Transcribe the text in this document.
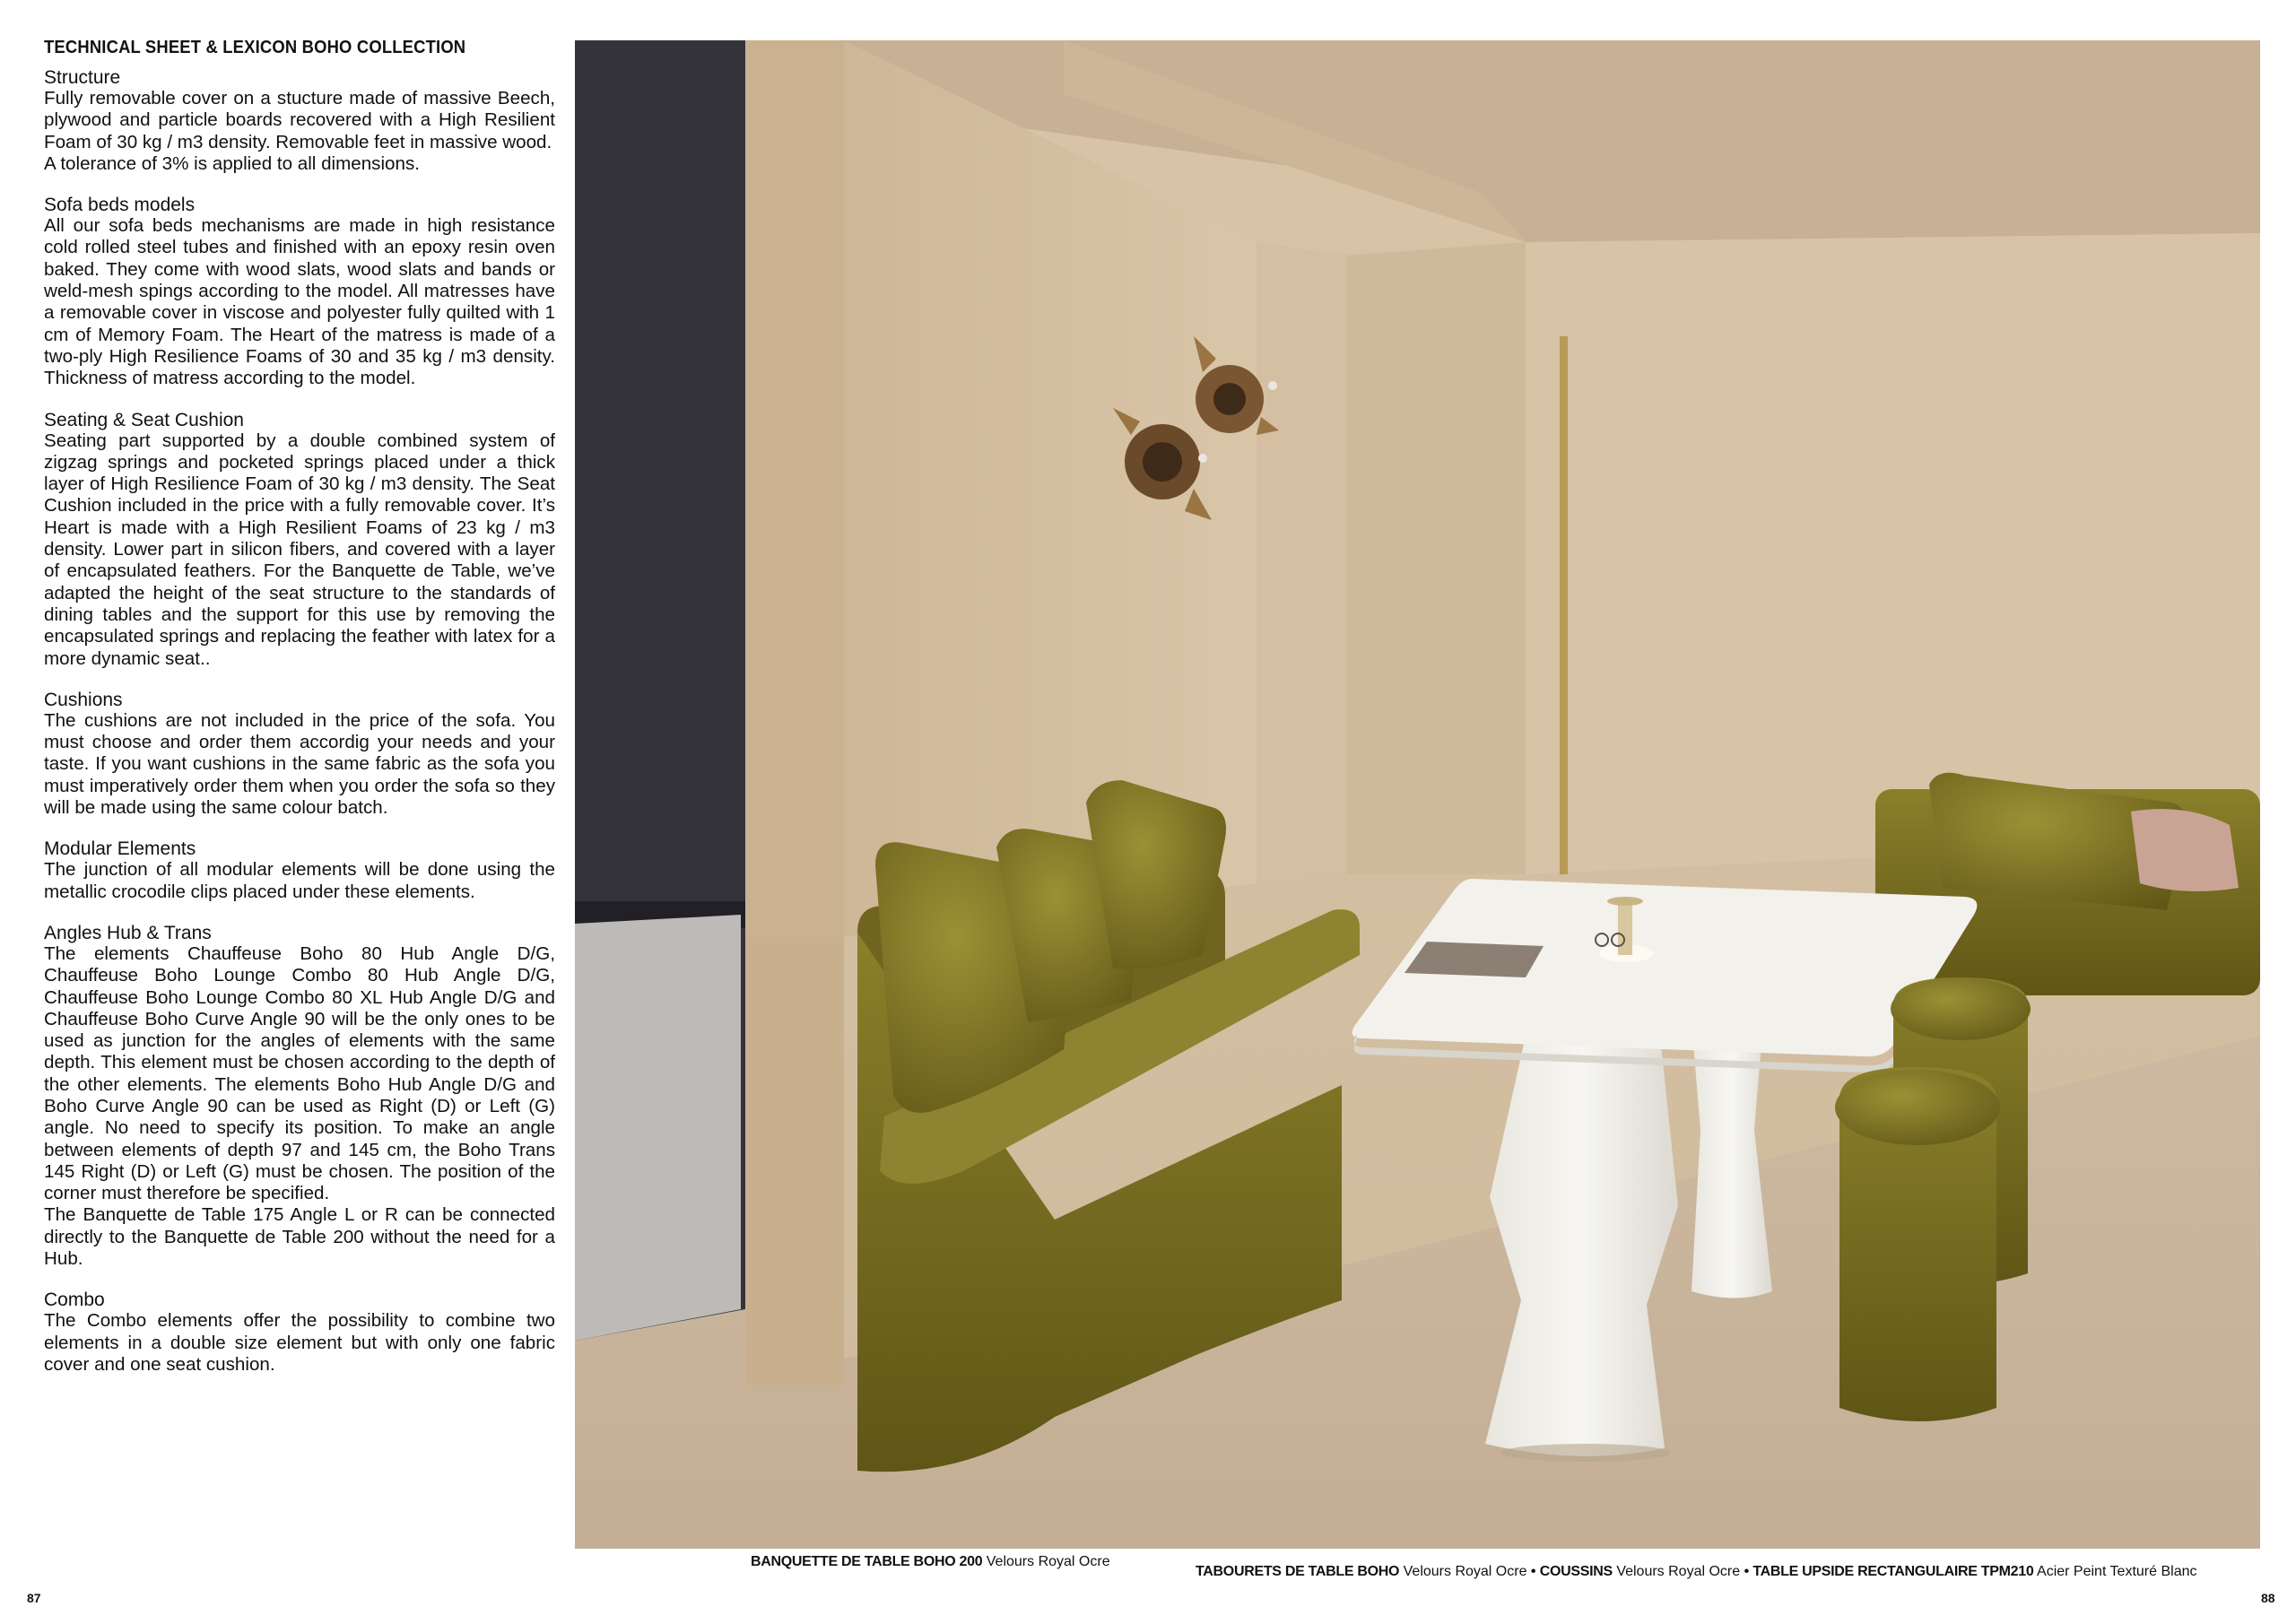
TECHNICAL SHEET & LEXICON BOHO COLLECTION
Structure

Fully removable cover on a stucture made of massive Beech, plywood and particle boards recovered with a High Resilient Foam of 30 kg / m3 density. Removable feet in massive wood.

A tolerance of 3% is applied to all dimensions.

Sofa beds models

All our sofa beds mechanisms are made in high resistance cold rolled steel tubes and finished with an epoxy resin oven baked. They come with wood slats, wood slats and bands or weld-mesh spings according to the model. All matresses have a removable cover in viscose and polyester fully quilted with 1 cm of Memory Foam. The Heart of the matress is made of a two-ply High Resilience Foams of 30 and 35 kg / m3 density. Thickness of matress according to the model.

Seating & Seat Cushion

Seating part supported by a double combined system of zigzag springs and pocketed springs placed under a thick layer of High Resilience Foam of 30 kg / m3 density. The Seat Cushion included in the price with a fully removable cover. It’s Heart is made with a High Resilient Foams of 23 kg / m3 density. Lower part in silicon fibers, and covered with a layer of encapsulated feathers. For the Banquette de Table, we’ve adapted the height of the seat structure to the standards of dining tables and the support for this use by removing the encapsulated springs and replacing the feather with latex for a more dynamic seat..

Cushions

The cushions are not included in the price of the sofa. You must choose and order them accordig your needs and your taste. If you want cushions in the same fabric as the sofa you must imperatively order them when you order the sofa so they will be made using the same colour batch.

Modular Elements

The junction of all modular elements will be done using the metallic crocodile clips placed under these elements.

Angles Hub & Trans

The elements Chauffeuse Boho 80 Hub Angle D/G, Chauffeuse Boho Lounge Combo 80 Hub Angle D/G, Chauffeuse Boho Lounge Combo 80 XL Hub Angle D/G and Chauffeuse Boho Curve Angle 90 will be the only ones to be used as junction for the angles of elements with the same depth. This element must be chosen according to the depth of the other elements. The elements Boho Hub Angle D/G and Boho Curve Angle 90 can be used as Right (D) or Left (G) angle. No need to specify its position. To make an angle between elements of depth 97 and 145 cm, the Boho Trans 145 Right (D) or Left (G) must be chosen. The position of the corner must therefore be specified.

The Banquette de Table 175 Angle L or R can be connected directly to the Banquette de Table 200 without the need for a Hub.

Combo

The Combo elements offer the possibility to combine two elements in a double size element but with only one fabric cover and one seat cushion.

BANQUETTE DE TABLE BOHO 200 Velours Royal Ocre
TABOURETS DE TABLE BOHO Velours Royal Ocre • COUSSINS Velours Royal Ocre • TABLE UPSIDE RECTANGULAIRE TPM210 Acier Peint Texturé Blanc
87	88
